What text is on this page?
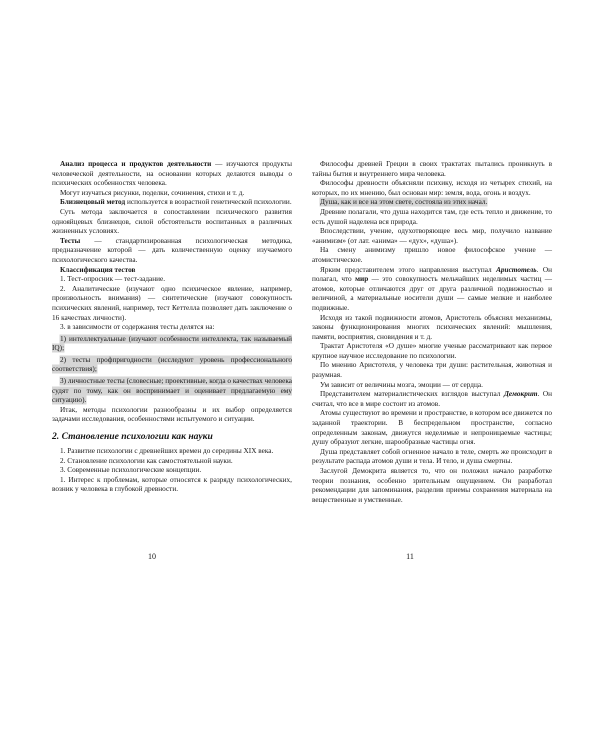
Анализ процесса и продуктов деятельности — изучаются продукты человеческой деятельности, на основании которых делаются выводы о психических особенностях человека.

Могут изучаться рисунки, поделки, сочинения, стихи и т. д.

Близнецовый метод используется в возрастной генетической психологии.

Суть метода заключается в сопоставлении психического развития однояйцевых близнецов, силой обстоятельств воспитанных в различных жизненных условиях.

Тесты — стандартизированная психологическая методика, предназначение которой — дать количественную оценку изучаемого психологического качества.

Классификация тестов

1. Тест-опросник — тест-задание.

2. Аналитические (изучают одно психическое явление, например, произвольность внимания) — синтетические (изучают совокупность психических явлений, например, тест Кеттелла позволяет дать заключение о 16 качествах личности).

3. в зависимости от содержания тесты делятся на:

1) интеллектуальные (изучают особенности интеллекта, так называемый IQ);

2) тесты профпригодности (исследуют уровень профессионального соответствия);

3) личностные тесты (словесные; проективные, когда о качествах человека судят по тому, как он воспринимает и оценивает предлагаемую ему ситуацию).

Итак, методы психологии разнообразны и их выбор определяется задачами исследования, особенностями испытуемого и ситуации.

2. Становление психологии как науки

1. Развитие психологии с древнейших времен до середины XIX века.

2. Становление психологии как самостоятельной науки.

3. Современные психологические концепции.

1. Интерес к проблемам, которые относятся к разряду психологических, возник у человека в глубокой древности.

10

Философы древней Греции в своих трактатах пытались проникнуть в тайны бытия и внутреннего мира человека.

Философы древности объясняли психику, исходя из четырех стихий, на которых, по их мнению, был основан мир: земля, вода, огонь и воздух.

Душа, как и все на этом свете, состояла из этих начал.

Древние полагали, что душа находится там, где есть тепло и движение, то есть душой наделена вся природа.

Впоследствии, учение, одухотворяющее весь мир, получило название «анимизм» (от лат. «анима» — «дух», «душа»).

На смену анимизму пришло новое философское учение — атомистическое.

Ярким представителем этого направления выступал Аристотель. Он полагал, что мир — это совокупность мельчайших неделимых частиц — атомов, которые отличаются друг от друга различной подвижностью и величиной, а материальные носители души — самые мелкие и наиболее подвижные.

Исходя из такой подвижности атомов, Аристотель объяснял механизмы, законы функционирования многих психических явлений: мышления, памяти, восприятия, сновидения и т. д.

Трактат Аристотеля «О душе» многие ученые рассматривают как первое крупное научное исследование по психологии.

По мнению Аристотеля, у человека три души: растительная, животная и разумная.

Ум зависит от величины мозга, эмоции — от сердца.

Представителем материалистических взглядов выступал Демокрит. Он считал, что все в мире состоит из атомов.

Атомы существуют во времени и пространстве, в котором все движется по заданной траектории. В беспредельном пространстве, согласно определенным законам, движутся неделимые и непроницаемые частицы; душу образуют легкие, шарообразные частицы огня.

Душа представляет собой огненное начало в теле, смерть же происходит в результате распада атомов души и тела. И тело, и душа смертны.

Заслугой Демокрита является то, что он положил начало разработке теории познания, особенно зрительным ощущением. Он разработал рекомендации для запоминания, разделив приемы сохранения материала на вещественные и умственные.

11
